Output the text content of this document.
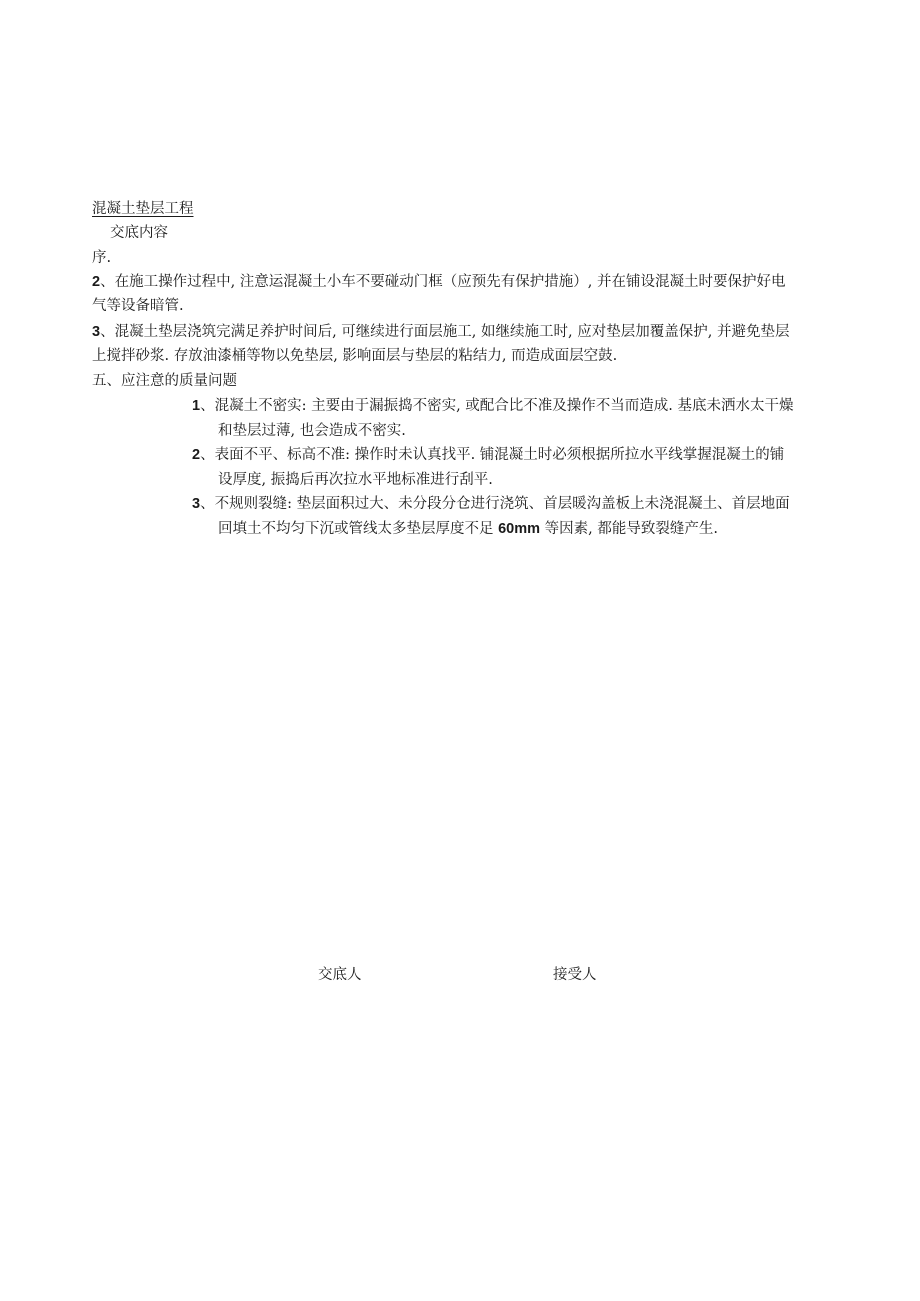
混凝土垫层工程
交底内容
序.
2、在施工操作过程中, 注意运混凝土小车不要碰动门框（应预先有保护措施）, 并在铺设混凝土时要保护好电
气等设备暗管.
3、混凝土垫层浇筑完满足养护时间后, 可继续进行面层施工, 如继续施工时, 应对垫层加覆盖保护, 并避免垫层
上搅拌砂浆. 存放油漆桶等物以免垫层, 影响面层与垫层的粘结力, 而造成面层空鼓.
五、应注意的质量问题
1、混凝土不密实: 主要由于漏振捣不密实, 或配合比不准及操作不当而造成. 基底未洒水太干燥
和垫层过薄, 也会造成不密实.
2、表面不平、标高不准: 操作时未认真找平. 铺混凝土时必须根据所拉水平线掌握混凝土的铺
设厚度, 振捣后再次拉水平地标准进行刮平.
3、不规则裂缝: 垫层面积过大、未分段分仓进行浇筑、首层暖沟盖板上未浇混凝土、首层地面
回填土不均匀下沉或管线太多垫层厚度不足 60mm 等因素, 都能导致裂缝产生.
交底人	接受人
